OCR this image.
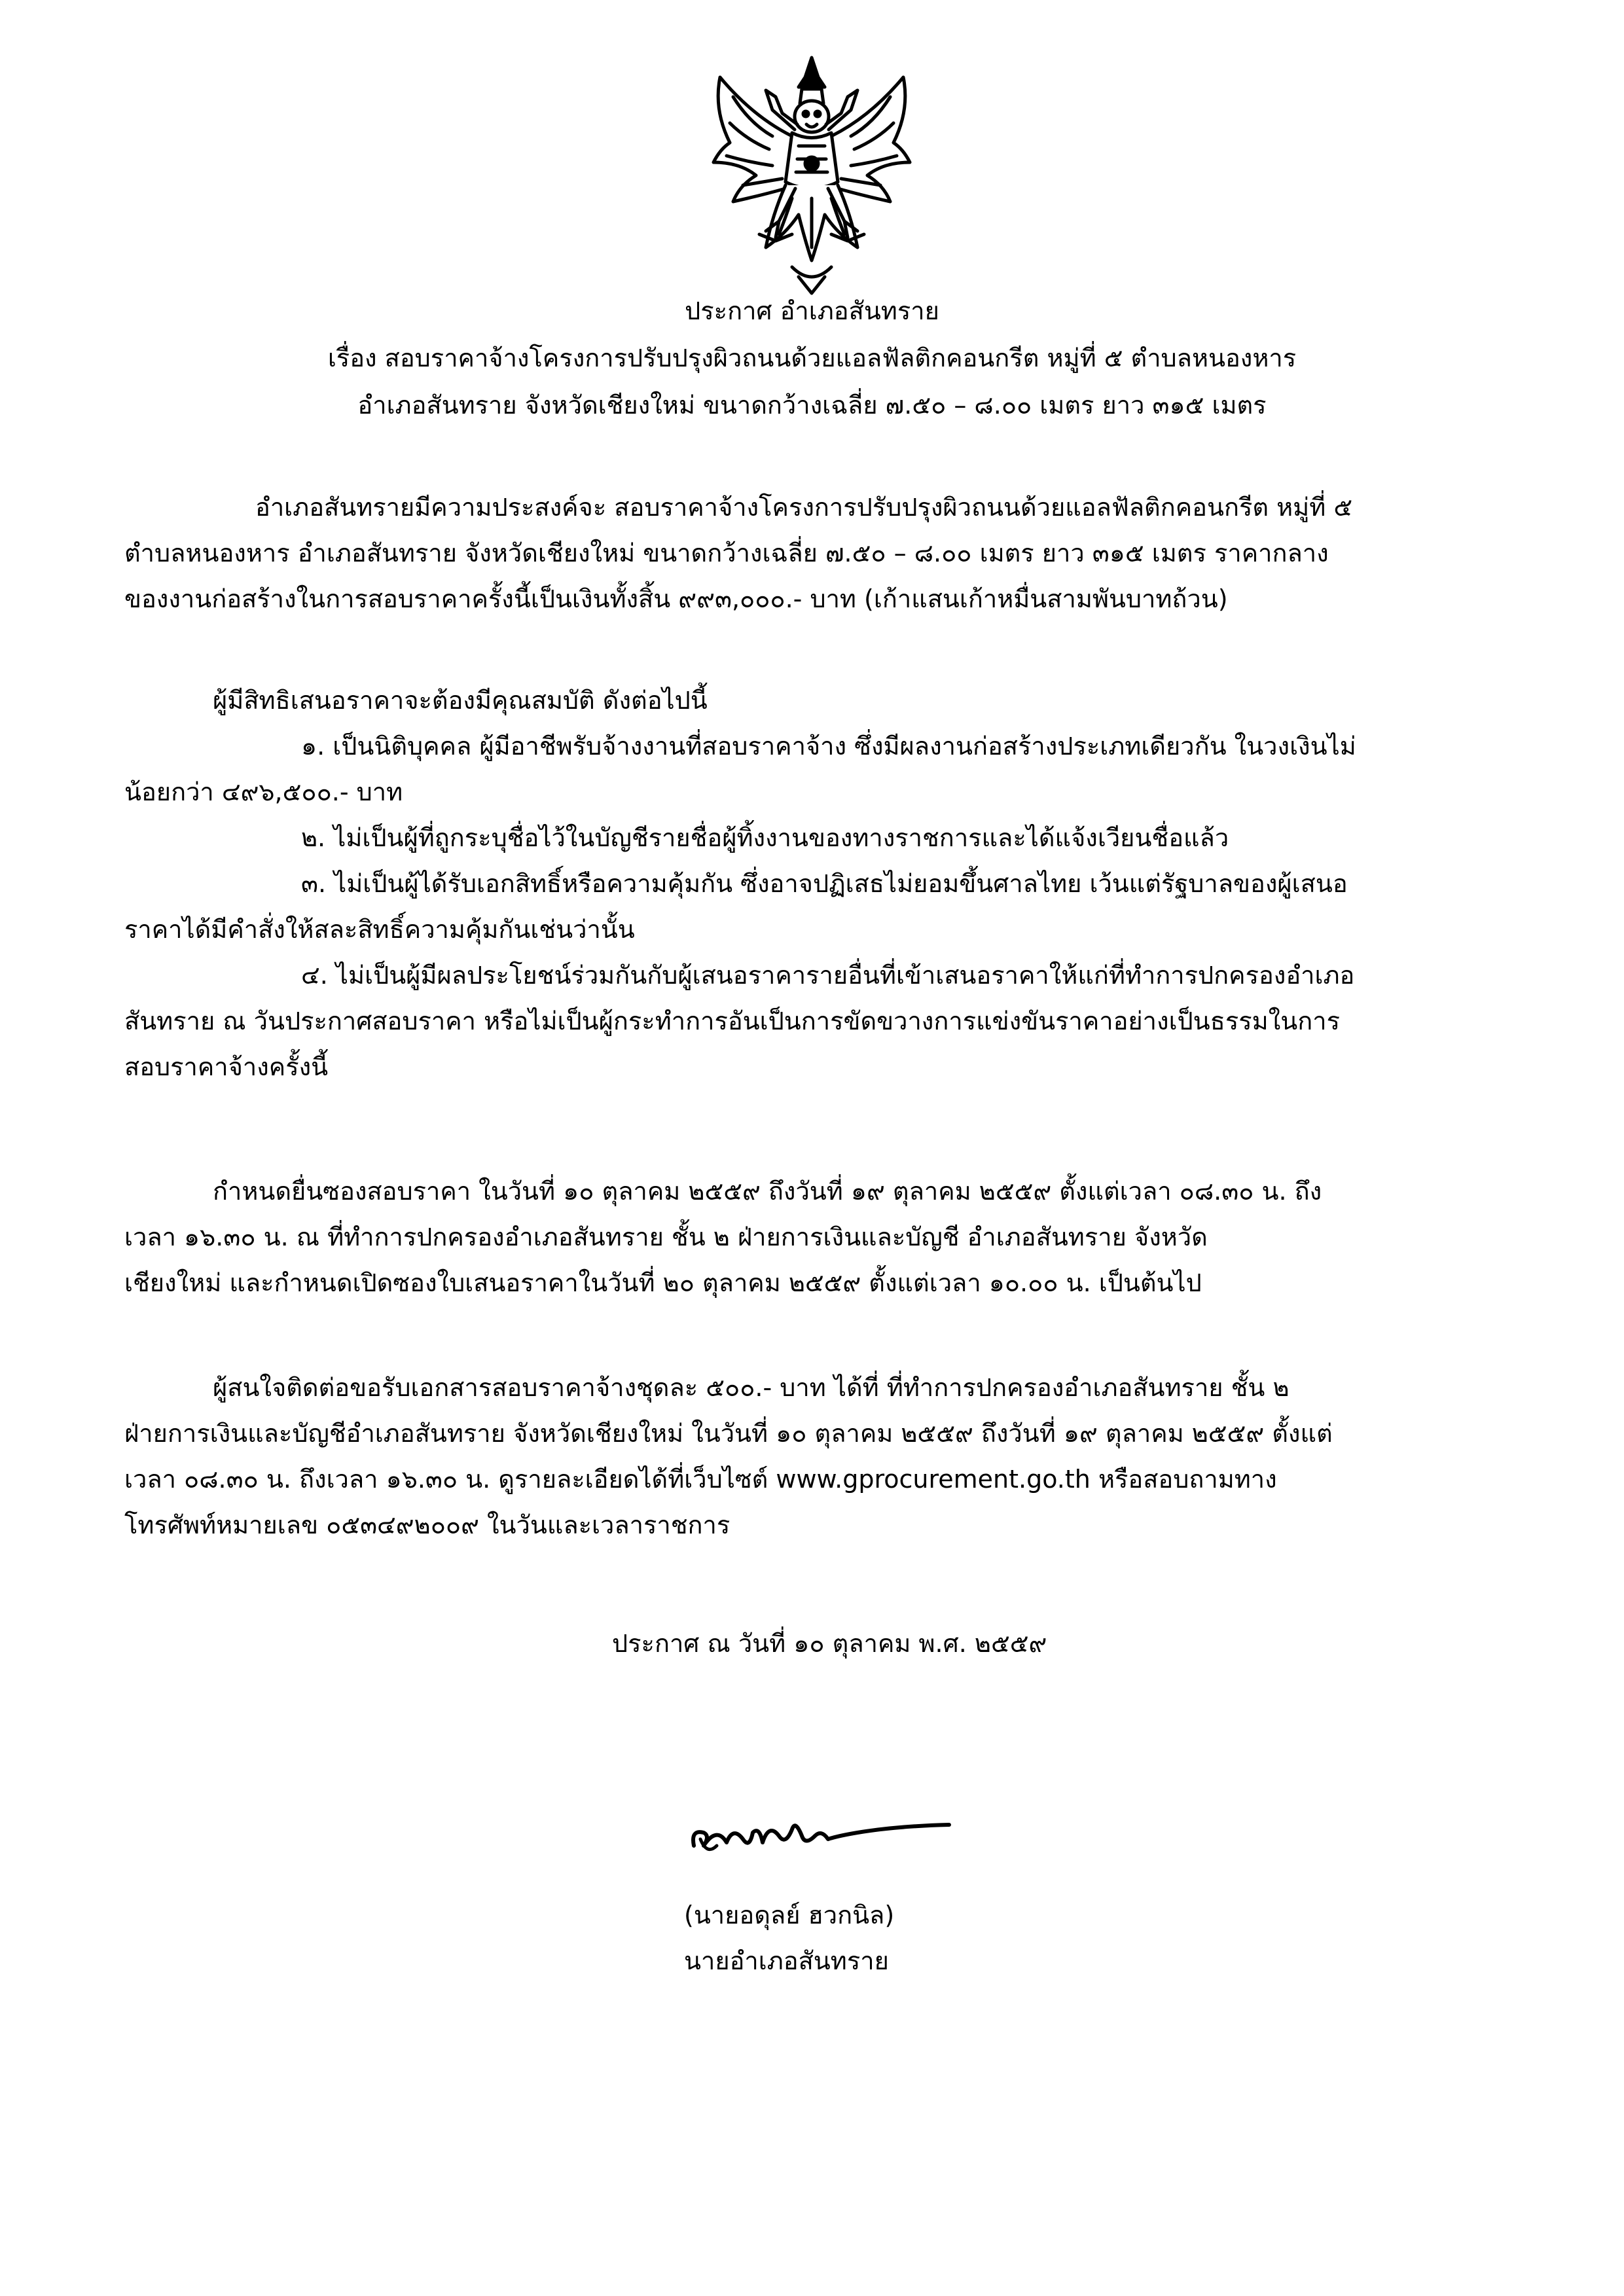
ประกาศ อำเภอสันทราย
เรื่อง สอบราคาจ้างโครงการปรับปรุงผิวถนนด้วยแอลฟัลติกคอนกรีต หมู่ที่ ๕ ตำบลหนองหาร
อำเภอสันทราย จังหวัดเชียงใหม่ ขนาดกว้างเฉลี่ย ๗.๕๐ – ๘.๐๐ เมตร ยาว ๓๑๕ เมตร
อำเภอสันทรายมีความประสงค์จะ สอบราคาจ้างโครงการปรับปรุงผิวถนนด้วยแอลฟัลติกคอนกรีต หมู่ที่ ๕
ตำบลหนองหาร อำเภอสันทราย จังหวัดเชียงใหม่ ขนาดกว้างเฉลี่ย ๗.๕๐ – ๘.๐๐ เมตร ยาว ๓๑๕ เมตร ราคากลาง
ของงานก่อสร้างในการสอบราคาครั้งนี้เป็นเงินทั้งสิ้น ๙๙๓,๐๐๐.- บาท (เก้าแสนเก้าหมื่นสามพันบาทถ้วน)
ผู้มีสิทธิเสนอราคาจะต้องมีคุณสมบัติ ดังต่อไปนี้
๑. เป็นนิติบุคคล ผู้มีอาชีพรับจ้างงานที่สอบราคาจ้าง ซึ่งมีผลงานก่อสร้างประเภทเดียวกัน ในวงเงินไม่
น้อยกว่า ๔๙๖,๕๐๐.- บาท
๒. ไม่เป็นผู้ที่ถูกระบุชื่อไว้ในบัญชีรายชื่อผู้ทิ้งงานของทางราชการและได้แจ้งเวียนชื่อแล้ว
๓. ไม่เป็นผู้ได้รับเอกสิทธิ์หรือความคุ้มกัน ซึ่งอาจปฏิเสธไม่ยอมขึ้นศาลไทย เว้นแต่รัฐบาลของผู้เสนอ
ราคาได้มีคำสั่งให้สละสิทธิ์ความคุ้มกันเช่นว่านั้น
๔. ไม่เป็นผู้มีผลประโยชน์ร่วมกันกับผู้เสนอราคารายอื่นที่เข้าเสนอราคาให้แก่ที่ทำการปกครองอำเภอ
สันทราย ณ วันประกาศสอบราคา หรือไม่เป็นผู้กระทำการอันเป็นการขัดขวางการแข่งขันราคาอย่างเป็นธรรมในการ
สอบราคาจ้างครั้งนี้
กำหนดยื่นซองสอบราคา ในวันที่ ๑๐ ตุลาคม ๒๕๕๙ ถึงวันที่ ๑๙ ตุลาคม ๒๕๕๙ ตั้งแต่เวลา ๐๘.๓๐ น. ถึง
เวลา ๑๖.๓๐ น. ณ ที่ทำการปกครองอำเภอสันทราย ชั้น ๒ ฝ่ายการเงินและบัญชี อำเภอสันทราย จังหวัด
เชียงใหม่ และกำหนดเปิดซองใบเสนอราคาในวันที่ ๒๐ ตุลาคม ๒๕๕๙ ตั้งแต่เวลา ๑๐.๐๐ น. เป็นต้นไป
ผู้สนใจติดต่อขอรับเอกสารสอบราคาจ้างชุดละ ๕๐๐.- บาท ได้ที่ ที่ทำการปกครองอำเภอสันทราย ชั้น ๒
ฝ่ายการเงินและบัญชีอำเภอสันทราย จังหวัดเชียงใหม่ ในวันที่ ๑๐ ตุลาคม ๒๕๕๙ ถึงวันที่ ๑๙ ตุลาคม ๒๕๕๙ ตั้งแต่
เวลา ๐๘.๓๐ น. ถึงเวลา ๑๖.๓๐ น. ดูรายละเอียดได้ที่เว็บไซต์ www.gprocurement.go.th หรือสอบถามทาง
โทรศัพท์หมายเลข ๐๕๓๔๙๒๐๐๙ ในวันและเวลาราชการ
ประกาศ ณ วันที่ ๑๐ ตุลาคม พ.ศ. ๒๕๕๙
(นายอดุลย์ ฮวกนิล)
นายอำเภอสันทราย
